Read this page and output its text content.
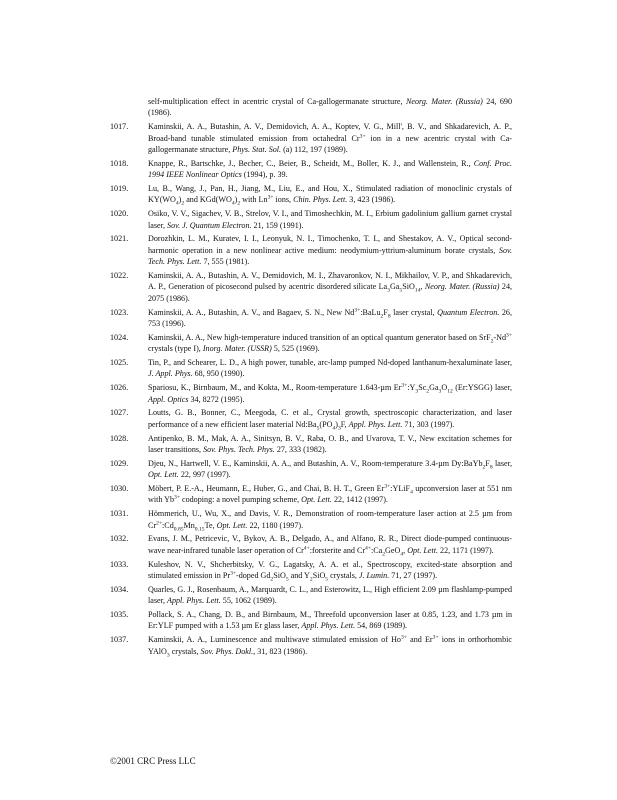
self-multiplication effect in acentric crystal of Ca-gallogermanate structure, Neorg. Mater. (Russia) 24, 690 (1986).
1017. Kaminskii, A. A., Butashin, A. V., Demidovich, A. A., Koptev, V. G., Mill', B. V., and Shkadarevich, A. P., Broad-band tunable stimulated emission from octahedral $Cr^{3+}$ ion in a new acentric crystal with Ca-gallogermanate structure, Phys. Stat. Sol. (a) 112, 197 (1989).
1018. Knappe, R., Bartschke, J., Becher, C., Beier, B., Scheidt, M., Boller, K. J., and Wallenstein, R., Conf. Proc. 1994 IEEE Nonlinear Optics (1994), p. 39.
1019. Lu, B., Wang, J., Pan, H., Jiang, M., Liu, E., and Hou, X., Stimulated radiation of monoclinic crystals of $KY(WO_4)_2$ and $KGd(WO_4)_2$ with $Ln^{3+}$ ions, Chin. Phys. Lett. 3, 423 (1986).
1020. Osiko, V. V., Sigachev, V. B., Strelov, V. I., and Timoshechkin, M. I., Erbium gadolinium gallium garnet crystal laser, Sov. J. Quantum Electron. 21, 159 (1991).
1021. Dorozhkin, L. M., Kuratev, I. I., Leonyuk, N. I., Timochenko, T. I., and Shestakov, A. V., Optical second-harmonic operation in a new nonlinear active medium: neodymium-yttrium-aluminum borate crystals, Sov. Tech. Phys. Lett. 7, 555 (1981).
1022. Kaminskii, A. A., Butashin, A. V., Demidovich, M. I., Zhavaronkov, N. I., Mikhailov, V. P., and Shkadarevich, A. P., Generation of picosecond pulsed by acentric disordered silicate $La_3Ga_5SiO_{14}$, Neorg. Mater. (Russia) 24, 2075 (1986).
1023. Kaminskii, A. A., Butashin, A. V., and Bagaev, S. N., New $Nd^{3+}:BaLu_2F_8$ laser crystal, Quantum Electron. 26, 753 (1996).
1024. Kaminskii, A. A., New high-temperature induced transition of an optical quantum generator based on $SrF_2-Nd^{3+}$ crystals (type I), Inorg. Mater. (USSR) 5, 525 (1969).
1025. Tin, P., and Schearer, L. D., A high power, tunable, arc-lamp pumped Nd-doped lanthanum-hexaluminate laser, J. Appl. Phys. 68, 950 (1990).
1026. Spariosu, K., Birnbaum, M., and Kokta, M., Room-temperature 1.643-µm $Er^{3+}:Y_3Sc_2Ga_3O_{12}$ (Er:YSGG) laser, Appl. Optics 34, 8272 (1995).
1027. Loutts, G. B., Bonner, C., Meegoda, C. et al., Crystal growth, spectroscopic characterization, and laser performance of a new efficient laser material $Nd:Ba_5(PO_4)_3F$, Appl. Phys. Lett. 71, 303 (1997).
1028. Antipenko, B. M., Mak, A. A., Sinitsyn, B. V., Raba, O. B., and Uvarova, T. V., New excitation schemes for laser transitions, Sov. Phys. Tech. Phys. 27, 333 (1982).
1029. Djeu, N., Hartwell, V. E., Kaminskii, A. A., and Butashin, A. V., Room-temperature 3.4-µm $Dy:BaYb_2F_8$ laser, Opt. Lett. 22, 997 (1997).
1030. Möbert, P. E.-A., Heumann, E., Huber, G., and Chai, B. H. T., Green $Er^{3+}:YLiF_4$ upconversion laser at 551 nm with $Yb^{3+}$ codoping: a novel pumping scheme, Opt. Lett. 22, 1412 (1997).
1031. Hömmerich, U., Wu, X., and Davis, V. R., Demonstration of room-temperature laser action at 2.5 µm from $Cr^{2+}:Cd_{0.85}Mn_{0.15}Te$, Opt. Lett. 22, 1180 (1997).
1032. Evans, J. M., Petricevic, V., Bykov, A. B., Delgado, A., and Alfano, R. R., Direct diode-pumped continuous-wave near-infrared tunable laser operation of $Cr^{4+}:forsterite$ and $Cr^{4+}:Ca_2GeO_4$, Opt. Lett. 22, 1171 (1997).
1033. Kuleshov, N. V., Shcherbitsky, V. G., Lagatsky, A. A. et al., Spectroscopy, excited-state absorption and stimulated emission in $Pr^{3+}$-doped $Gd_2SiO_5$ and $Y_2SiO_5$ crystals, J. Lumin. 71, 27 (1997).
1034. Quarles, G. J., Rosenbaum, A., Marquardt, C. L., and Esterowitz, L., High efficient 2.09 µm flashlamp-pumped laser, Appl. Phys. Lett. 55, 1062 (1989).
1035. Pollack, S. A., Chang, D. B., and Birnbaum, M., Threefold upconversion laser at 0.85, 1.23, and 1.73 µm in Er:YLF pumped with a 1.53 µm Er glass laser, Appl. Phys. Lett. 54, 869 (1989).
1037. Kaminskii, A. A., Luminescence and multiwave stimulated emission of $Ho^{3+}$ and $Er^{3+}$ ions in orthorhombic YAlO$_3$ crystals, Sov. Phys. Dokl., 31, 823 (1986).
©2001 CRC Press LLC
